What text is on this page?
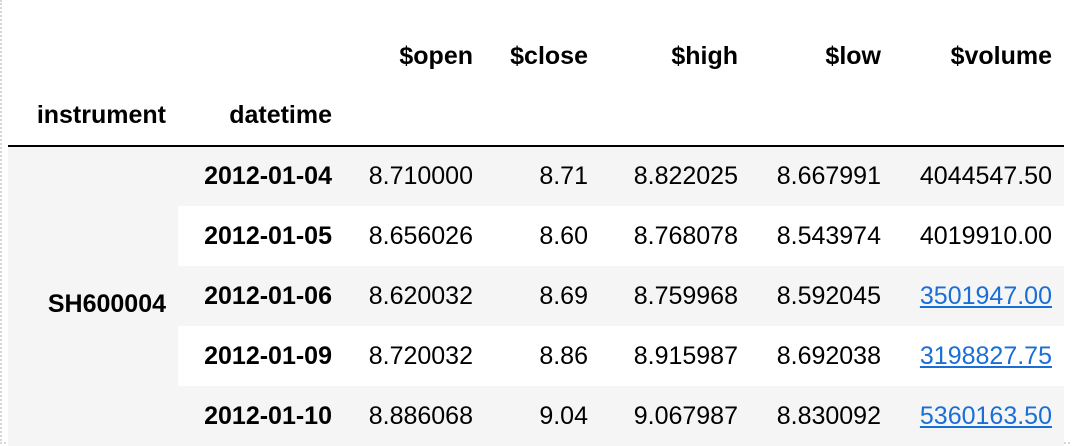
		$open	$close	$high	$low	$volume
instrument	datetime					
SH600004	2012-01-04	8.710000	8.71	8.822025	8.667991	4044547.50
	2012-01-05	8.656026	8.60	8.768078	8.543974	4019910.00
	2012-01-06	8.620032	8.69	8.759968	8.592045	3501947.00
	2012-01-09	8.720032	8.86	8.915987	8.692038	3198827.75
	2012-01-10	8.886068	9.04	9.067987	8.830092	5360163.50
